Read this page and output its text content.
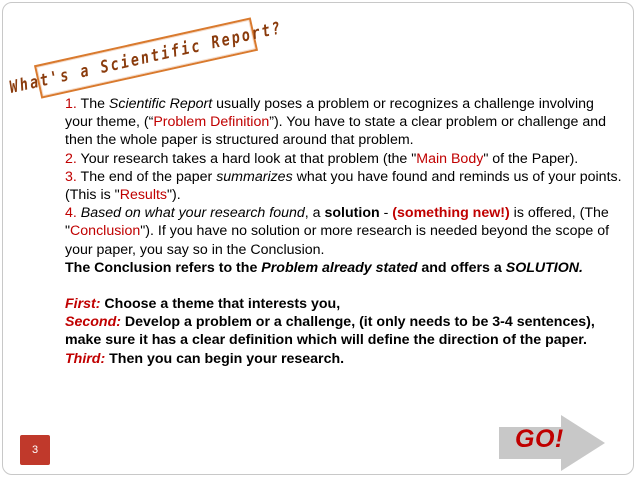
What's a Scientific Report?

1. The Scientific Report usually poses a problem or recognizes a challenge involving your theme, (“Problem Definition”). You have to state a clear problem or challenge and then the whole paper is structured around that problem.

2. Your research takes a hard look at that problem (the "Main Body" of the Paper).

3. The end of the paper summarizes what you have found and reminds us of your points. (This is "Results").

4. Based on what your research found, a solution - (something new!) is offered, (The "Conclusion"). If you have no solution or more research is needed beyond the scope of your paper, you say so in the Conclusion.

The Conclusion refers to the Problem already stated and offers a SOLUTION.

First: Choose a theme that interests you,

Second: Develop a problem or a challenge, (it only needs to be 3-4 sentences), make sure it has a clear definition which will define the direction of the paper.

Third: Then you can begin your research.

GO!
3
